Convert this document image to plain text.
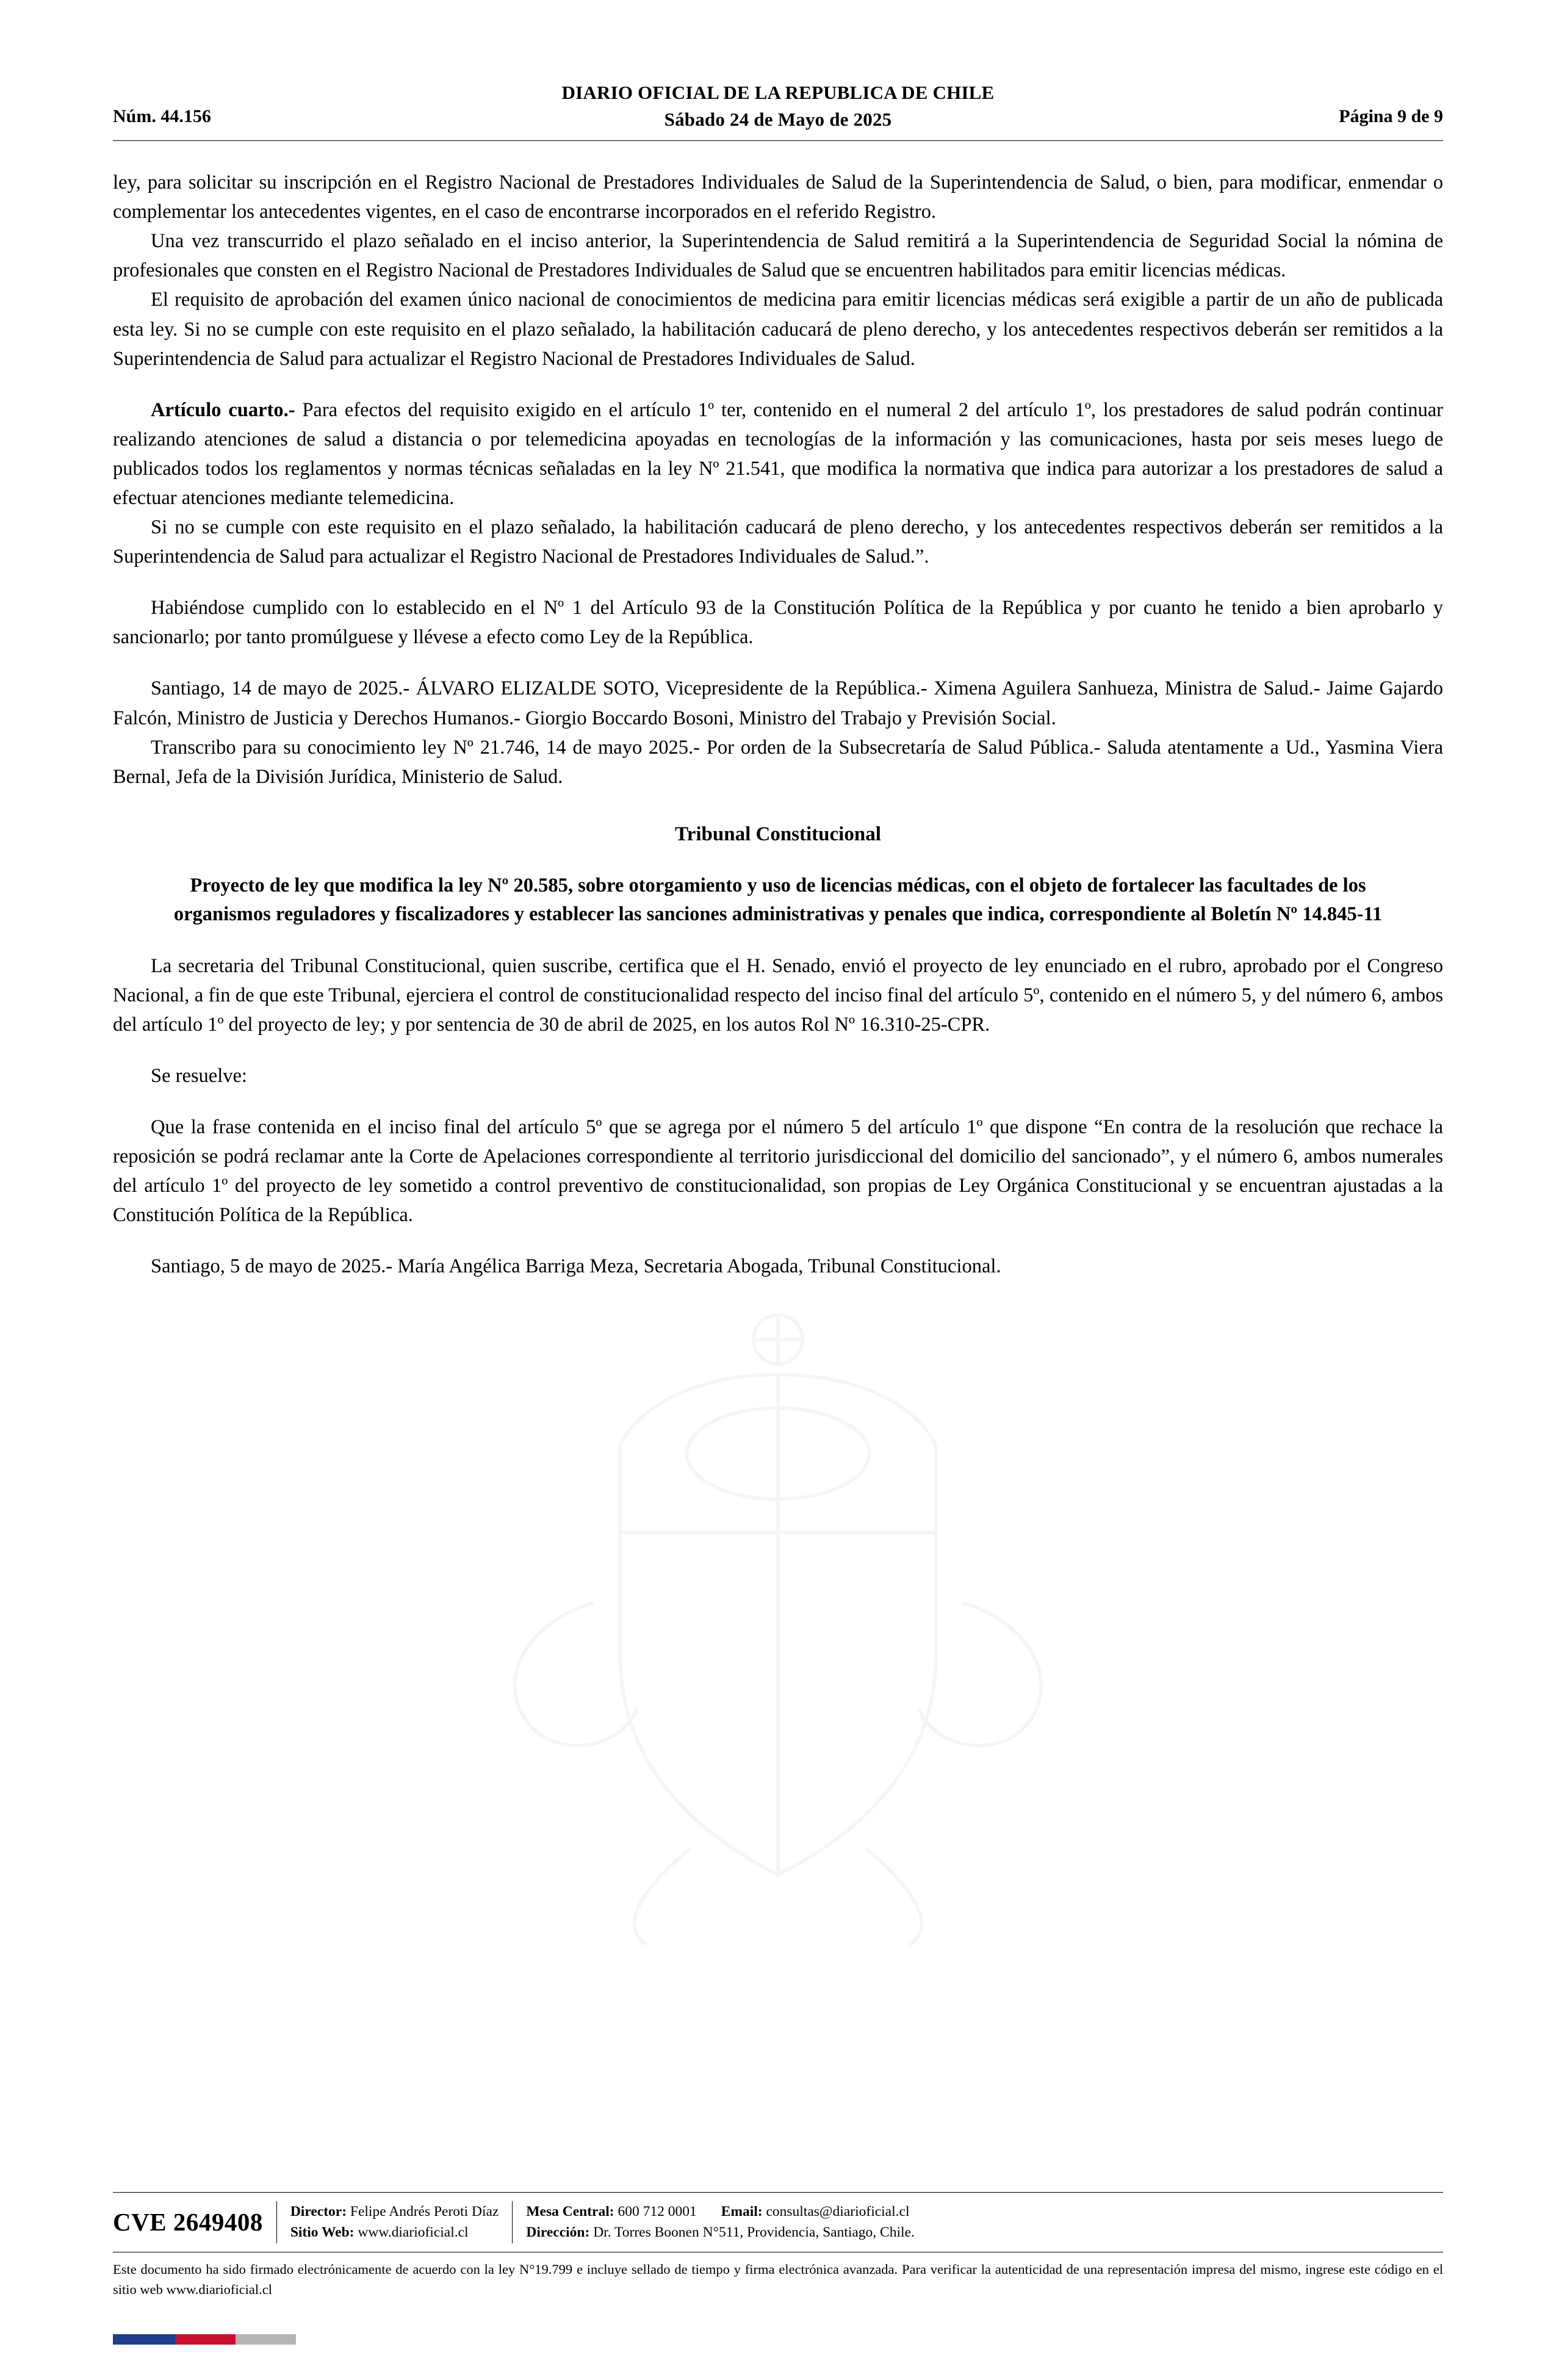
DIARIO OFICIAL DE LA REPUBLICA DE CHILE
Sábado 24 de Mayo de 2025
Núm. 44.156	Página 9 de 9

ley, para solicitar su inscripción en el Registro Nacional de Prestadores Individuales de Salud de la Superintendencia de Salud, o bien, para modificar, enmendar o complementar los antecedentes vigentes, en el caso de encontrarse incorporados en el referido Registro.

Una vez transcurrido el plazo señalado en el inciso anterior, la Superintendencia de Salud remitirá a la Superintendencia de Seguridad Social la nómina de profesionales que consten en el Registro Nacional de Prestadores Individuales de Salud que se encuentren habilitados para emitir licencias médicas.

El requisito de aprobación del examen único nacional de conocimientos de medicina para emitir licencias médicas será exigible a partir de un año de publicada esta ley. Si no se cumple con este requisito en el plazo señalado, la habilitación caducará de pleno derecho, y los antecedentes respectivos deberán ser remitidos a la Superintendencia de Salud para actualizar el Registro Nacional de Prestadores Individuales de Salud.

Artículo cuarto.- Para efectos del requisito exigido en el artículo 1º ter, contenido en el numeral 2 del artículo 1º, los prestadores de salud podrán continuar realizando atenciones de salud a distancia o por telemedicina apoyadas en tecnologías de la información y las comunicaciones, hasta por seis meses luego de publicados todos los reglamentos y normas técnicas señaladas en la ley Nº 21.541, que modifica la normativa que indica para autorizar a los prestadores de salud a efectuar atenciones mediante telemedicina.

Si no se cumple con este requisito en el plazo señalado, la habilitación caducará de pleno derecho, y los antecedentes respectivos deberán ser remitidos a la Superintendencia de Salud para actualizar el Registro Nacional de Prestadores Individuales de Salud.”.

Habiéndose cumplido con lo establecido en el Nº 1 del Artículo 93 de la Constitución Política de la República y por cuanto he tenido a bien aprobarlo y sancionarlo; por tanto promúlguese y llévese a efecto como Ley de la República.

Santiago, 14 de mayo de 2025.- ÁLVARO ELIZALDE SOTO, Vicepresidente de la República.- Ximena Aguilera Sanhueza, Ministra de Salud.- Jaime Gajardo Falcón, Ministro de Justicia y Derechos Humanos.- Giorgio Boccardo Bosoni, Ministro del Trabajo y Previsión Social.

Transcribo para su conocimiento ley Nº 21.746, 14 de mayo 2025.- Por orden de la Subsecretaría de Salud Pública.- Saluda atentamente a Ud., Yasmina Viera Bernal, Jefa de la División Jurídica, Ministerio de Salud.

Tribunal Constitucional
Proyecto de ley que modifica la ley Nº 20.585, sobre otorgamiento y uso de licencias médicas, con el objeto de fortalecer las facultades de los organismos reguladores y fiscalizadores y establecer las sanciones administrativas y penales que indica, correspondiente al Boletín Nº 14.845-11

La secretaria del Tribunal Constitucional, quien suscribe, certifica que el H. Senado, envió el proyecto de ley enunciado en el rubro, aprobado por el Congreso Nacional, a fin de que este Tribunal, ejerciera el control de constitucionalidad respecto del inciso final del artículo 5º, contenido en el número 5, y del número 6, ambos del artículo 1º del proyecto de ley; y por sentencia de 30 de abril de 2025, en los autos Rol Nº 16.310-25-CPR.

Se resuelve:

Que la frase contenida en el inciso final del artículo 5º que se agrega por el número 5 del artículo 1º que dispone “En contra de la resolución que rechace la reposición se podrá reclamar ante la Corte de Apelaciones correspondiente al territorio jurisdiccional del domicilio del sancionado”, y el número 6, ambos numerales del artículo 1º del proyecto de ley sometido a control preventivo de constitucionalidad, son propias de Ley Orgánica Constitucional y se encuentran ajustadas a la Constitución Política de la República.

Santiago, 5 de mayo de 2025.- María Angélica Barriga Meza, Secretaria Abogada, Tribunal Constitucional.

CVE 2649408	Director: Felipe Andrés Peroti Díaz
Sitio Web: www.diarioficial.cl
Mesa Central: 600 712 0001 Email: consultas@diarioficial.cl
Dirección: Dr. Torres Boonen N°511, Providencia, Santiago, Chile.
Este documento ha sido firmado electrónicamente de acuerdo con la ley N°19.799 e incluye sellado de tiempo y firma electrónica avanzada. Para verificar la autenticidad de una representación impresa del mismo, ingrese este código en el sitio web www.diarioficial.cl
